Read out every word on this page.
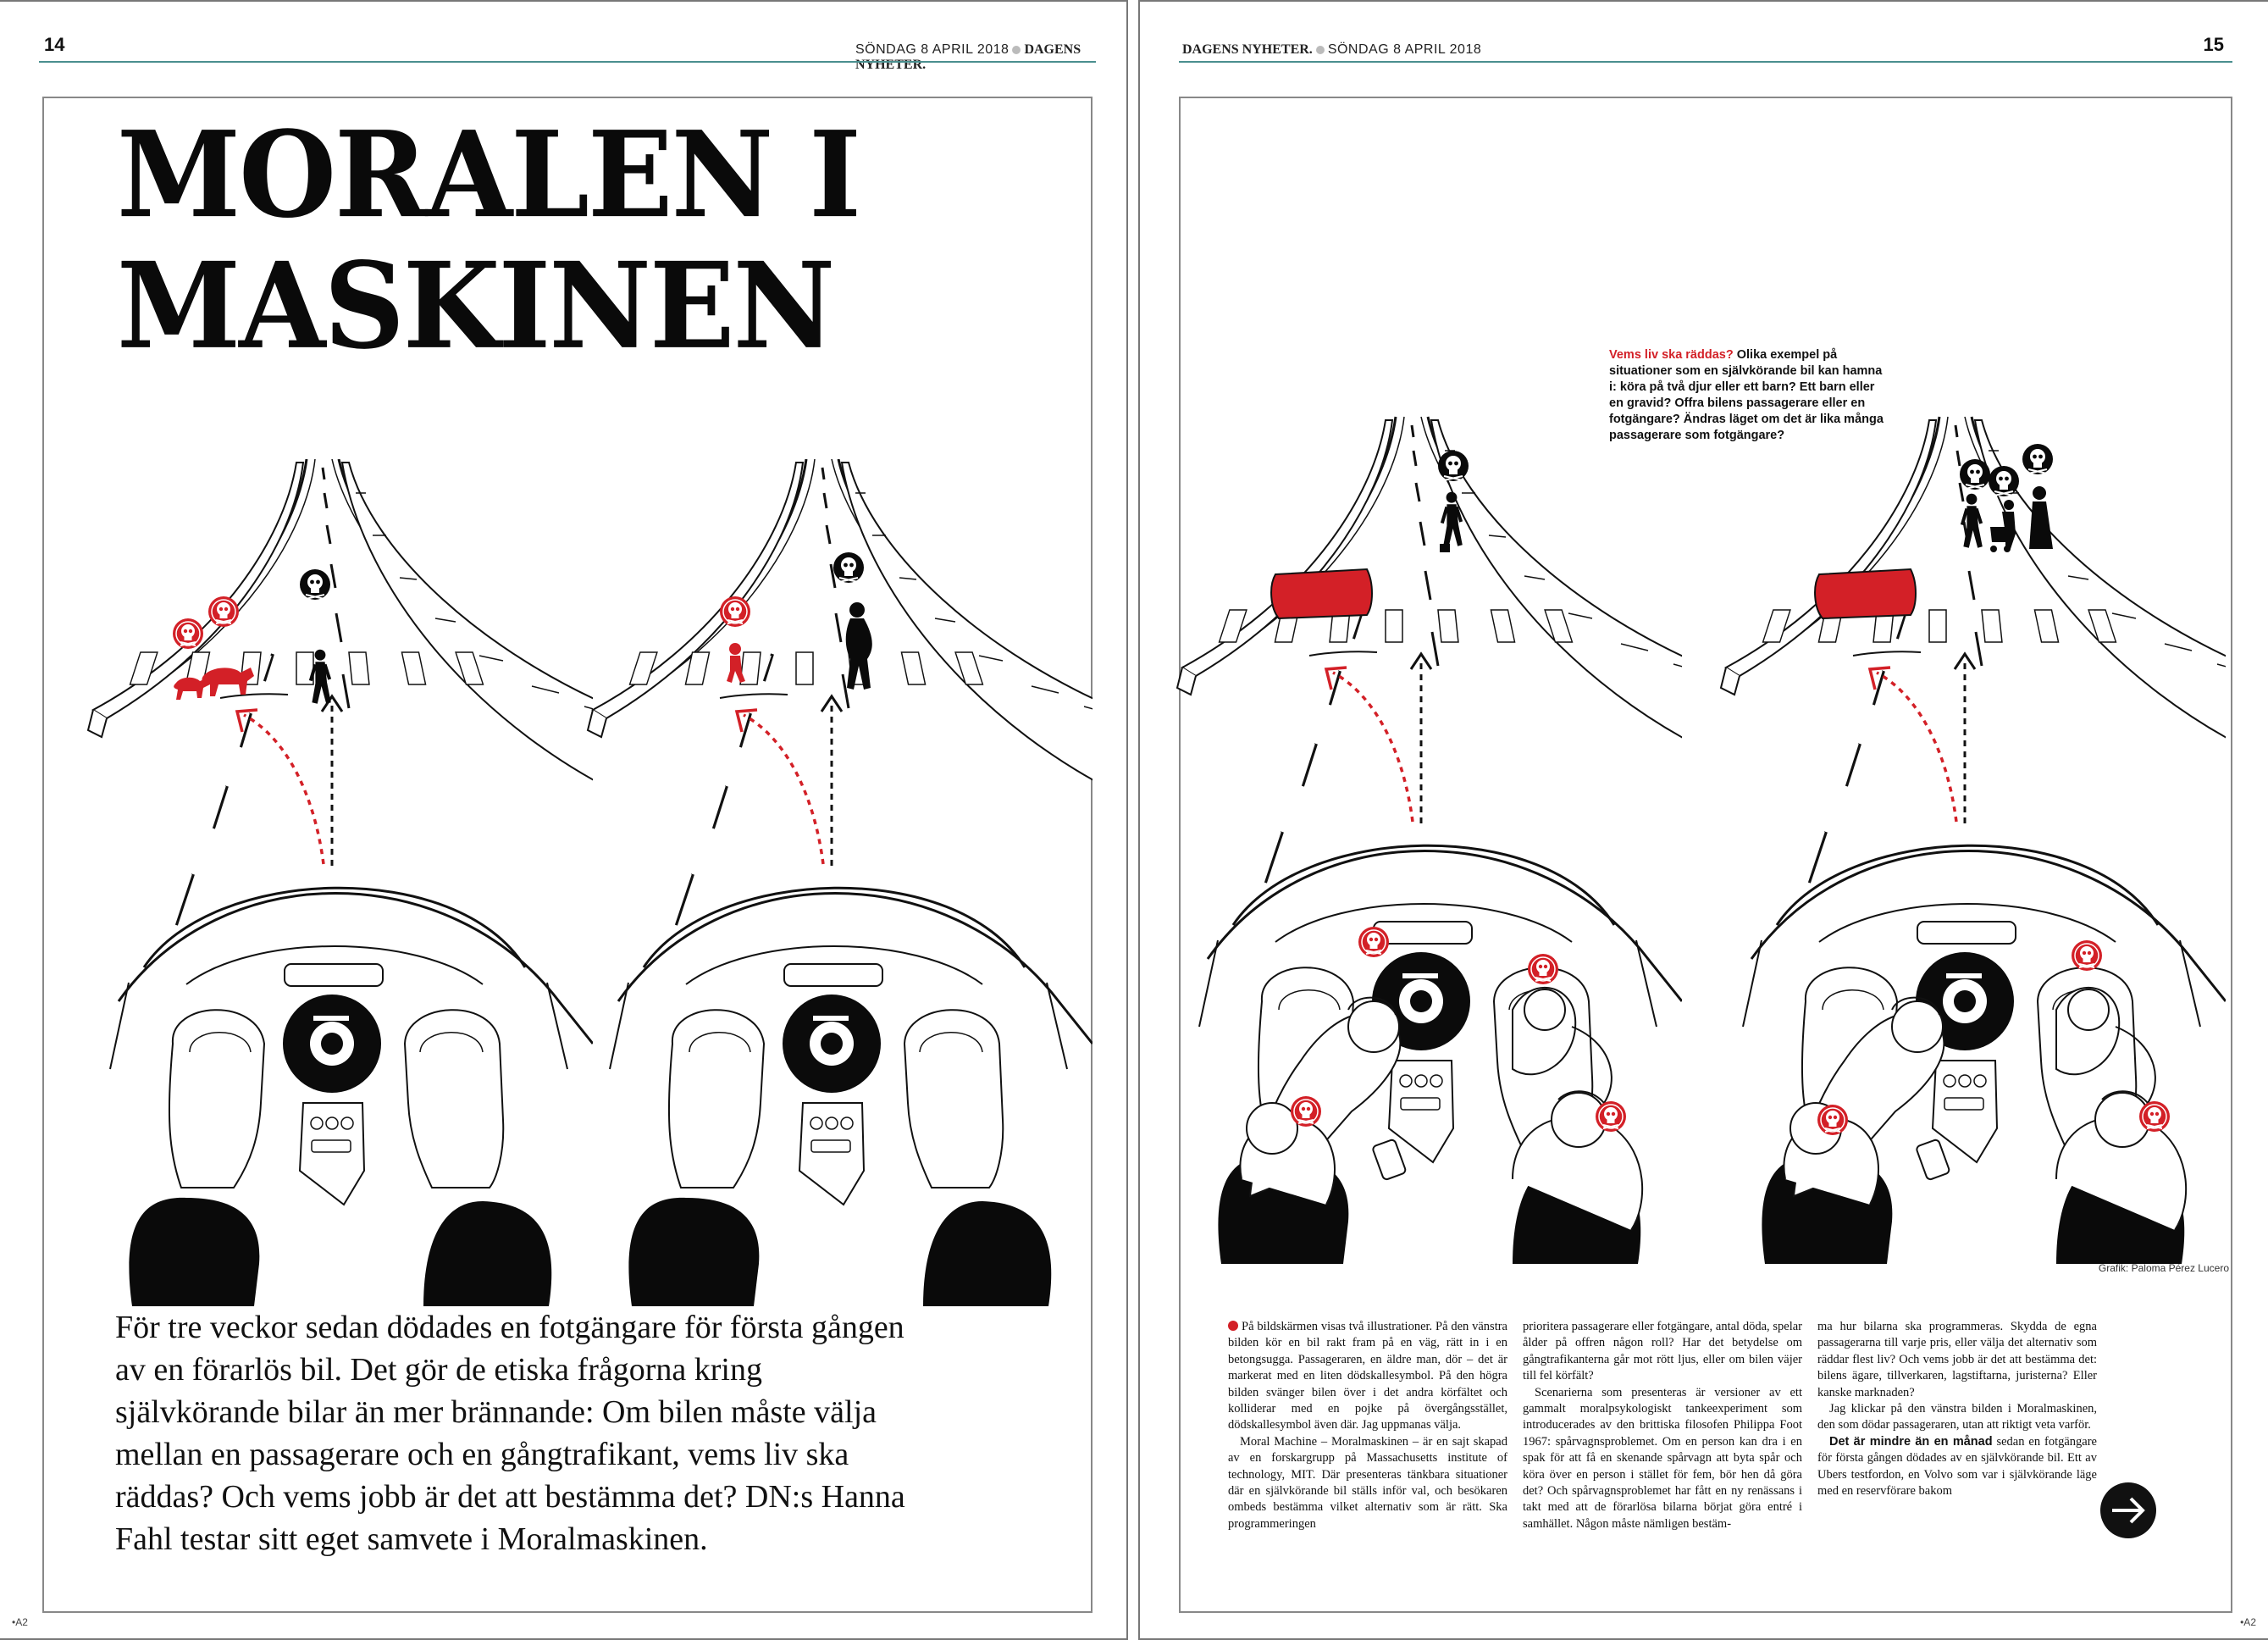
14	SÖNDAG 8 APRIL 2018 DAGENS NYHETER.
MORALEN I
MASKINEN

För tre veckor sedan dödades en fotgängare för första gången av en förarlös bil. Det gör de etiska frågorna kring självkörande bilar än mer brännande: Om bilen måste välja mellan en passagerare och en gångtrafikant, vems liv ska räddas? Och vems jobb är det att bestämma det? DN:s Hanna Fahl testar sitt eget samvete i Moralmaskinen.

•A2
DAGENS NYHETER. SÖNDAG 8 APRIL 2018	15
Vems liv ska räddas? Olika exempel på situationer som en självkörande bil kan hamna i: köra på två djur eller ett barn? Ett barn eller en gravid? Offra bilens passagerare eller en fotgängare? Ändras läget om det är lika många passagerare som fotgängare?
Grafik: Paloma Pérez Lucero

På bildskärmen visas två illustrationer. På den vänstra bilden kör en bil rakt fram på en väg, rätt in i en betongsugga. Passageraren, en äldre man, dör – det är markerat med en liten dödskallesymbol. På den högra bilden svänger bilen över i det andra körfältet och kolliderar med en pojke på övergångsstället, dödskallesymbol även där. Jag uppmanas välja.

Moral Machine – Moralmaskinen – är en sajt skapad av en forskargrupp på Massachusetts institute of technology, MIT. Där presenteras tänkbara situationer där en självkörande bil ställs inför val, och besökaren ombeds bestämma vilket alternativ som är rätt. Ska programmeringen

prioritera passagerare eller fotgängare, antal döda, spelar ålder på offren någon roll? Har det betydelse om gångtrafikanterna går mot rött ljus, eller om bilen väjer till fel körfält?

Scenarierna som presenteras är versioner av ett gammalt moralpsykologiskt tankeexperiment som introducerades av den brittiska filosofen Philippa Foot 1967: spårvagnsproblemet. Om en person kan dra i en spak för att få en skenande spårvagn att byta spår och köra över en person i stället för fem, bör hen då göra det? Och spårvagnsproblemet har fått en ny renässans i takt med att de förarlösa bilarna börjat göra entré i samhället. Någon måste nämligen bestäm-

ma hur bilarna ska programmeras. Skydda de egna passagerarna till varje pris, eller välja det alternativ som räddar flest liv? Och vems jobb är det att bestämma det: bilens ägare, tillverkaren, lagstiftarna, juristerna? Eller kanske marknaden?

Jag klickar på den vänstra bilden i Moralmaskinen, den som dödar passageraren, utan att riktigt veta varför.

Det är mindre än en månad sedan en fotgängare för första gången dödades av en självkörande bil. Ett av Ubers testfordon, en Volvo som var i självkörande läge med en reservförare bakom

•A2
